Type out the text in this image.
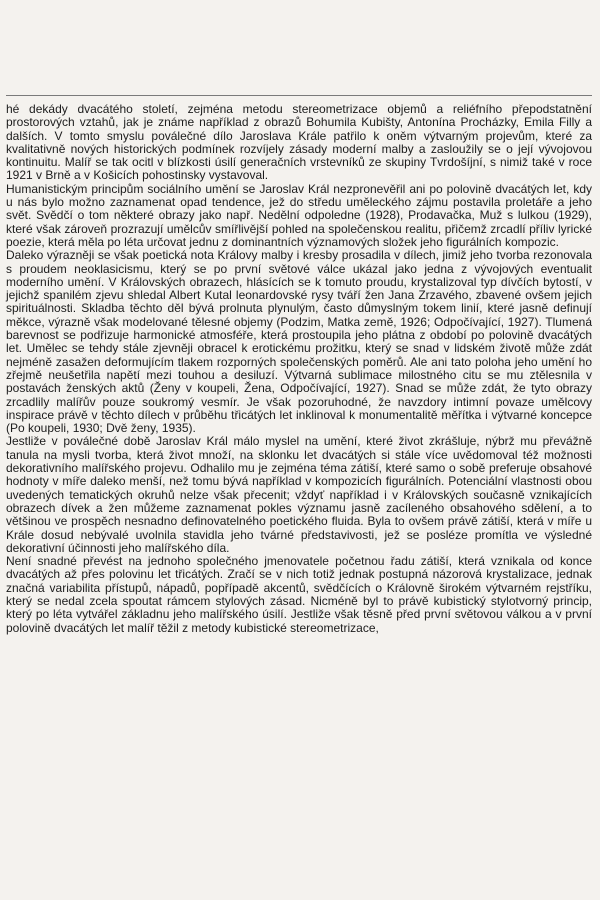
hé dekády dvacátého století, zejména metodu stereometrizace objemů a reliéfního přepodstatnění prostorových vztahů, jak je známe například z obrazů Bohumila Kubišty, Antonína Procházky, Emila Filly a dalších. V tomto smyslu poválečné dílo Jaroslava Krále patřilo k oněm výtvarným projevům, které za kvalitativně nových historických podmínek rozvíjely zásady moderní malby a zasloužily se o její vývojovou kontinuitu. Malíř se tak ocitl v blízkosti úsilí generačních vrstevníků ze skupiny Tvrdošíjní, s nimiž také v roce 1921 v Brně a v Košicích pohostinsky vystavoval.

Humanistickým principům sociálního umění se Jaroslav Král nezpronevěřil ani po polovině dvacátých let, kdy u nás bylo možno zaznamenat opad tendence, jež do středu uměleckého zájmu postavila proletáře a jeho svět. Svědčí o tom některé obrazy jako např. Nedělní odpoledne (1928), Prodavačka, Muž s lulkou (1929), které však zároveň prozrazují umělcův smířlivější pohled na společenskou realitu, přičemž zrcadlí příliv lyrické poezie, která měla po léta určovat jednu z dominantních významových složek jeho figurálních kompozic.

Daleko výrazněji se však poetická nota Královy malby i kresby prosadila v dílech, jimiž jeho tvorba rezonovala s proudem neoklasicismu, který se po první světové válce ukázal jako jedna z vývojových eventualit moderního umění. V Královských obrazech, hlásících se k tomuto proudu, krystalizoval typ dívčích bytostí, v jejichž spanilém zjevu shledal Albert Kutal leonardovské rysy tváří žen Jana Zrzavého, zbavené ovšem jejich spirituálnosti. Skladba těchto děl bývá prolnuta plynulým, často důmyslným tokem linií, které jasně definují měkce, výrazně však modelované tělesné objemy (Podzim, Matka země, 1926; Odpočívající, 1927). Tlumená barevnost se podřizuje harmonické atmosféře, která prostoupila jeho plátna z období po polovině dvacátých let. Umělec se tehdy stále zjevněji obracel k erotickému prožitku, který se snad v lidském životě může zdát nejméně zasažen deformujícím tlakem rozporných společenských poměrů. Ale ani tato poloha jeho umění ho zřejmě neušetřila napětí mezi touhou a desiluzí. Výtvarná sublimace milostného citu se mu ztělesnila v postavách ženských aktů (Ženy v koupeli, Žena, Odpočívající, 1927). Snad se může zdát, že tyto obrazy zrcadlily malířův pouze soukromý vesmír. Je však pozoruhodné, že navzdory intimní povaze umělcovy inspirace právě v těchto dílech v průběhu třicátých let inklinoval k monumentalitě měřítka i výtvarné koncepce (Po koupeli, 1930; Dvě ženy, 1935).

Jestliže v poválečné době Jaroslav Král málo myslel na umění, které život zkrášluje, nýbrž mu převážně tanula na mysli tvorba, která život množí, na sklonku let dvacátých si stále více uvědomoval též možnosti dekorativního malířského projevu. Odhalilo mu je zejména téma zátiší, které samo o sobě preferuje obsahové hodnoty v míře daleko menší, než tomu bývá například v kompozicích figurálních. Potenciální vlastnosti obou uvedených tematických okruhů nelze však přecenit; vždyť například i v Královských současně vznikajících obrazech dívek a žen můžeme zaznamenat pokles významu jasně zacíleného obsahového sdělení, a to většinou ve prospěch nesnadno definovatelného poetického fluida. Byla to ovšem právě zátiší, která v míře u Krále dosud nebývalé uvolnila stavidla jeho tvárné představivosti, jež se posléze promítla ve výsledné dekorativní účinnosti jeho malířského díla.

Není snadné převést na jednoho společného jmenovatele početnou řadu zátiší, která vznikala od konce dvacátých až přes polovinu let třicátých. Zračí se v nich totiž jednak postupná názorová krystalizace, jednak značná variabilita přístupů, nápadů, popřípadě akcentů, svědčících o Královně širokém výtvarném rejstříku, který se nedal zcela spoutat rámcem stylových zásad. Nicméně byl to právě kubistický stylotvorný princip, který po léta vytvářel základnu jeho malířského úsilí. Jestliže však těsně před první světovou válkou a v první polovině dvacátých let malíř těžil z metody kubistické stereometrizace,
